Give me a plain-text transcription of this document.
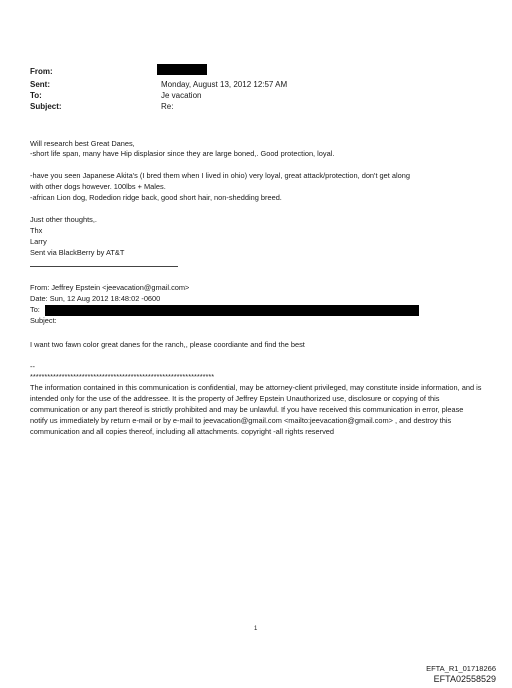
From:
Sent:	Monday, August 13, 2012 12:57 AM
To:	Je vacation
Subject:	Re:
Will research best Great Danes,
-short life span, many have Hip displasior since they are large boned,. Good protection, loyal.
-have you seen Japanese Akita's (I bred them when I lived in ohio) very loyal, great attack/protection, don't get along
with other dogs however. 100lbs + Males.
-african Lion dog, Rodedion ridge back, good short hair, non-shedding breed.
Just other thoughts,.
Thx
Larry
Sent via BlackBerry by AT&T
From: Jeffrey Epstein <jeevacation@gmail.com>
Date: Sun, 12 Aug 2012 18:48:02 -0600
To:
Subject:
I want two fawn color great danes for the ranch,, please coordiante and find the best
--
****************************************************************
The information contained in this communication is confidential, may be attorney-client privileged, may constitute inside information, and is intended only for the use of the addressee. It is the property of Jeffrey Epstein Unauthorized use, disclosure or copying of this communication or any part thereof is strictly prohibited and may be unlawful. If you have received this communication in error, please notify us immediately by return e-mail or by e-mail to jeevacation@gmail.com <mailto:jeevacation@gmail.com> , and destroy this communication and all copies thereof, including all attachments. copyright -all rights reserved
1
EFTA_R1_01718266
EFTA02558529
